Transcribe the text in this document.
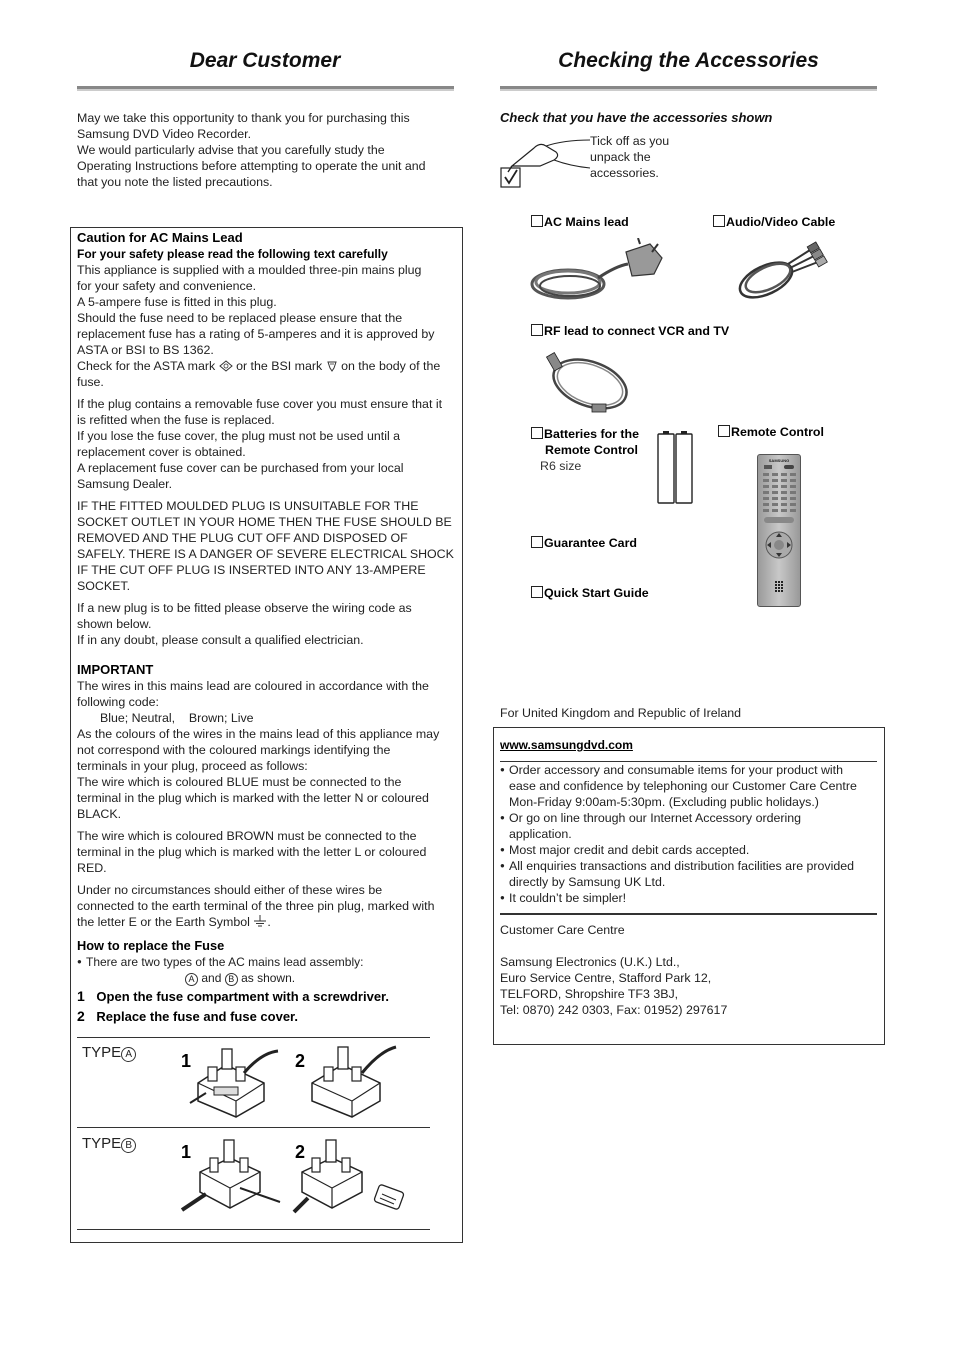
Dear Customer

May we take this opportunity to thank you for purchasing this

Samsung DVD Video Recorder.

We would particularly advise that you carefully study the

Operating Instructions before attempting to operate the unit and

that you note the listed precautions.

Caution for AC Mains Lead

For your safety please read the following text carefully

This appliance is supplied with a moulded three-pin mains plug

for your safety and convenience.

A 5-ampere fuse is fitted in this plug.

Should the fuse need to be replaced please ensure that the

replacement fuse has a rating of 5-amperes and it is approved by

ASTA or BSI to BS 1362.

Check for the ASTA mark or the BSI mark on the body of the

fuse.

If the plug contains a removable fuse cover you must ensure that it

is refitted when the fuse is replaced.

If you lose the fuse cover, the plug must not be used until a

replacement cover is obtained.

A replacement fuse cover can be purchased from your local

Samsung Dealer.

IF THE FITTED MOULDED PLUG IS UNSUITABLE FOR THE

SOCKET OUTLET IN YOUR HOME THEN THE FUSE SHOULD BE

REMOVED AND THE PLUG CUT OFF AND DISPOSED OF

SAFELY. THERE IS A DANGER OF SEVERE ELECTRICAL SHOCK

IF THE CUT OFF PLUG IS INSERTED INTO ANY 13-AMPERE

SOCKET.

If a new plug is to be fitted please observe the wiring code as

shown below.

If in any doubt, please consult a qualified electrician.

IMPORTANT

The wires in this mains lead are coloured in accordance with the

following code:

Blue; Neutral,    Brown; Live

As the colours of the wires in the mains lead of this appliance may

not correspond with the coloured markings identifying the

terminals in your plug, proceed as follows:

The wire which is coloured BLUE must be connected to the

terminal in the plug which is marked with the letter N or coloured

BLACK.

The wire which is coloured BROWN must be connected to the

terminal in the plug which is marked with the letter L or coloured

RED.

Under no circumstances should either of these wires be

connected to the earth terminal of the three pin plug, marked with

the letter E or the Earth Symbol .

How to replace the Fuse

● There are two types of the AC mains lead assembly:

A and B as shown.

1 Open the fuse compartment with a screwdriver.

2 Replace the fuse and fuse cover.

TYPE A	1	2
TYPE B	1	2
Checking the Accessories
Check that you have the accessories shown

Tick off as you

unpack the

accessories.

AC Mains lead	Audio/Video Cable
RF lead to connect VCR and TV

Batteries for the

Remote Control

R6 size

Remote Control
SAMSUNG
Guarantee Card
Quick Start Guide
For United Kingdom and Republic of Ireland
www.samsungdvd.com

● Order accessory and consumable items for your product with

ease and confidence by telephoning our Customer Care Centre

Mon-Friday 9:00am-5:30pm. (Excluding public holidays.)

● Or go on line through our Internet Accessory ordering

application.

● Most major credit and debit cards accepted.

● All enquiries transactions and distribution facilities are provided

directly by Samsung UK Ltd.

● It couldn’t be simpler!

Customer Care Centre

Samsung Electronics (U.K.) Ltd.,

Euro Service Centre, Stafford Park 12,

TELFORD, Shropshire TF3 3BJ,

Tel: 0870) 242 0303, Fax: 01952) 297617
